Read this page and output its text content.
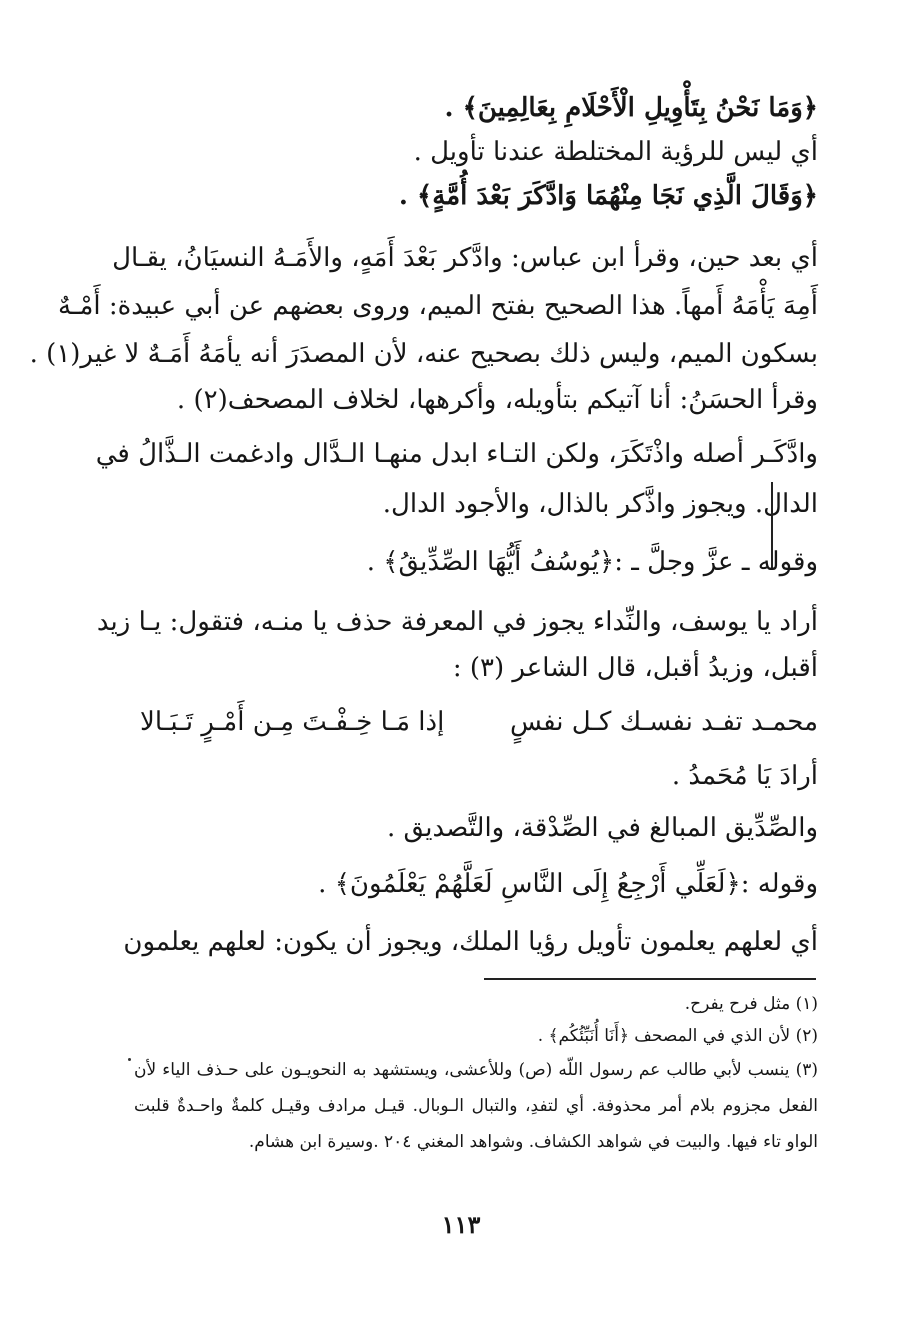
﴿وَمَا نَحْنُ بِتَأْوِيلِ الْأَحْلَامِ بِعَالِمِينَ﴾ .
أي ليس للرؤية المختلطة عندنا تأويل .
﴿وَقَالَ الَّذِي نَجَا مِنْهُمَا وَادَّكَرَ بَعْدَ أُمَّةٍ﴾ .
أي بعد حين، وقرأ ابن عباس: وادَّكر بَعْدَ أَمَهٍ، والأَمَـهُ النسيَانُ، يقـال
أَمِهَ يَأْمَهُ أَمهاً. هذا الصحيح بفتح الميم، وروى بعضهم عن أبي عبيدة: أَمْـهٌ
بسكون الميم، وليس ذلك بصحيح عنه، لأن المصدَرَ أنه يأمَهُ أَمَـهٌ لا غير(١) .
وقرأ الحسَنُ: أنا آتيكم بتأويله، وأكرهها، لخلاف المصحف(٢) .
وادَّكَـر أصله واذْتَكَرَ، ولكن التـاء ابدل منهـا الـدَّال وادغمت الـذَّالُ في
الدال. ويجوز واذَّكر بالذال، والأجود الدال.
وقوله ـ عزَّ وجلَّ ـ :﴿يُوسُفُ أَيُّهَا الصِّدِّيقُ﴾ .
أراد يا يوسف، والنِّداء يجوز في المعرفة حذف يا منـه، فتقول: يـا زيد
أقبل، وزيدُ أقبل، قال الشاعر (٣) :
محمـد تفـد نفسـك كـل نفسٍ
إذا مَـا خِـفْـتَ مِـن أَمْـرٍ تَـبَـالا
أرادَ يَا مُحَمدُ .
والصِّدِّيق المبالغ في الصِّدْقة، والتَّصديق .
وقوله :﴿لَعَلِّي أَرْجِعُ إِلَى النَّاسِ لَعَلَّهُمْ يَعْلَمُونَ﴾ .
أي لعلهم يعلمون تأويل رؤيا الملك، ويجوز أن يكون: لعلهم يعلمون
(١) مثل فرح يفرح.
(٢) لأن الذي في المصحف ﴿أَنَا أُنَبِّئُكُم﴾ .
(٣) ينسب لأبي طالب عم رسول اللّه (ص) وللأعشى، ويستشهد به النحويـون على حـذف الياء لأن
الفعل مجزوم بلام أمر محذوفة. أي لتفدِ، والتبال الـوبال. قيـل مرادف وقيـل كلمةٌ واحـدةٌ قلبت
الواو تاء فيها. والبيت في شواهد الكشاف. وشواهد المغني ٢٠٤ .وسيرة ابن هشام.
١١٣
